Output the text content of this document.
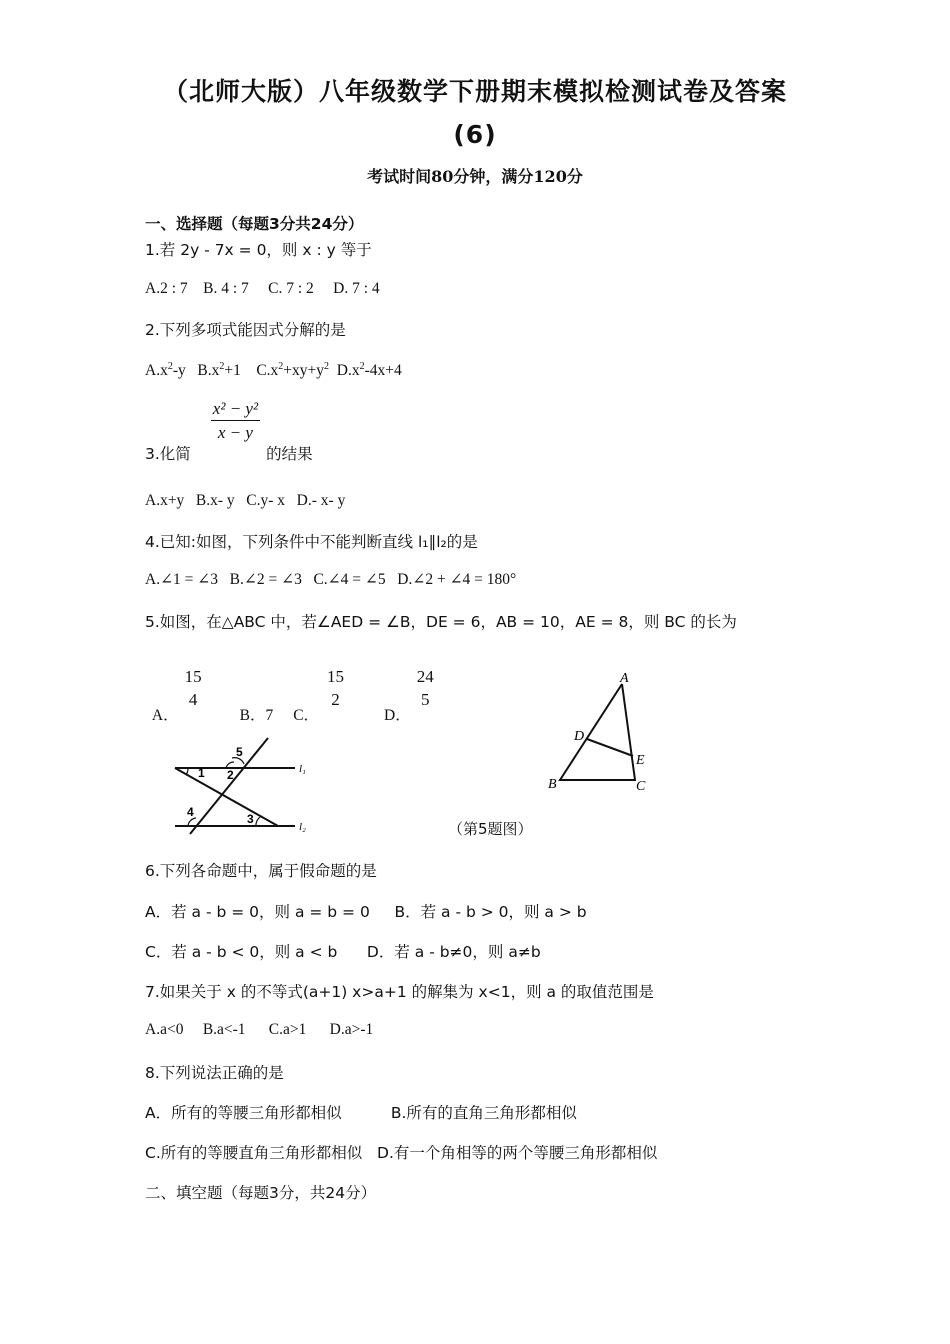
（北师大版）八年级数学下册期末模拟检测试卷及答案
(6)
考试时间80分钟，满分120分
一、选择题（每题3分共24分）
1.若 2y - 7x = 0，则 x : y 等于
A.2 : 7    B. 4 : 7     C. 7 : 2     D. 7 : 4
2.下列多项式能因式分解的是
$A.x^2-y$   $B.x^2+1$    $C.x^2+xy+y^2$  $D.x^2-4x+4$
3.化简
$\frac{\text{x² − y²}}{x - y}$
的结果
A.x+y   B.x- y   C.y- x   D.- x- y
4.已知:如图，下列条件中不能判断直线 l₁∥l₂的是
A.∠1 = ∠3   B.∠2 = ∠3   C.∠4 = ∠5   D.∠2 + ∠4 = 180°
5.如图，在△ABC 中，若∠AED = ∠B，DE = 6，AB = 10，AE = 8，则 BC 的长为

A．
15
4
B．7 C．
15
2
D．
24
5

5
1 2
4	3
l₁
l₂
A
D
E
B	C
（第5题图）
6.下列各命题中，属于假命题的是
A．若 a - b = 0，则 a = b = 0     B．若 a - b > 0，则 a > b
C．若 a - b < 0，则 a < b      D．若 a - b≠0，则 a≠b
7.如果关于 x 的不等式(a+1) x>a+1 的解集为 x<1，则 a 的取值范围是
A.a<0     B.a<-1      C.a>1      D.a>-1
8.下列说法正确的是
A．所有的等腰三角形都相似          B.所有的直角三角形都相似
C.所有的等腰直角三角形都相似   D.有一个角相等的两个等腰三角形都相似
二、填空题（每题3分，共24分）
